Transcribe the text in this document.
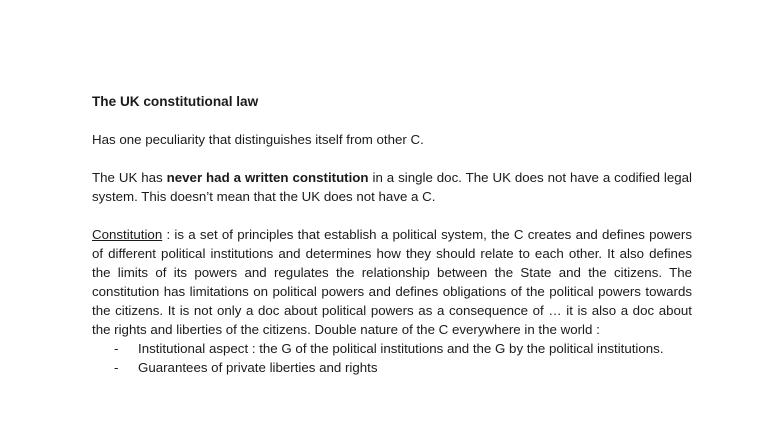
The UK constitutional law

Has one peculiarity that distinguishes itself from other C.

The UK has never had a written constitution in a single doc. The UK does not have a codified legal system. This doesn’t mean that the UK does not have a C.

Constitution : is a set of principles that establish a political system, the C creates and defines powers of different political institutions and determines how they should relate to each other. It also defines the limits of its powers and regulates the relationship between the State and the citizens. The constitution has limitations on political powers and defines obligations of the political powers towards the citizens. It is not only a doc about political powers as a consequence of … it is also a doc about the rights and liberties of the citizens. Double nature of the C everywhere in the world :

- Institutional aspect : the G of the political institutions and the G by the political institutions.
- Guarantees of private liberties and rights
